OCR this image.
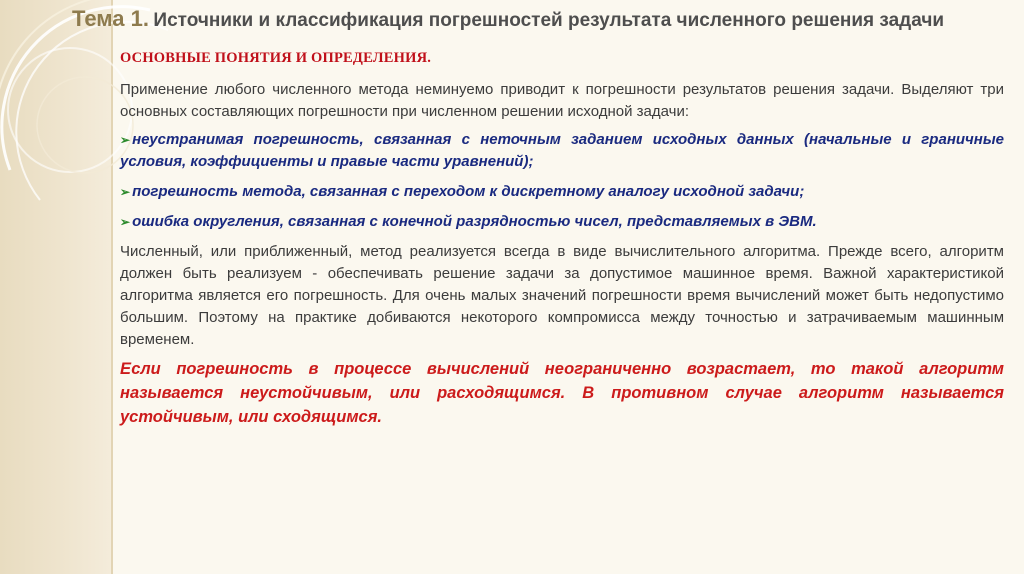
Тема 1. Источники и классификация погрешностей результата численного решения задачи

ОСНОВНЫЕ ПОНЯТИЯ И ОПРЕДЕЛЕНИЯ.

Применение любого численного метода неминуемо приводит к погрешности результатов решения задачи. Выделяют три основных составляющих погрешности при численном решении исходной задачи:

➢ неустранимая погрешность, связанная с неточным заданием исходных данных (начальные и граничные условия, коэффициенты и правые части уравнений);

➢ погрешность метода, связанная с переходом к дискретному аналогу исходной задачи;

➢ ошибка округления, связанная с конечной разрядностью чисел, представляемых в ЭВМ.

Численный, или приближенный, метод реализуется всегда в виде вычислительного алгоритма. Прежде всего, алгоритм должен быть реализуем - обеспечивать решение задачи за допустимое машинное время. Важной характеристикой алгоритма является его погрешность. Для очень малых значений погрешности время вычислений может быть недопустимо большим. Поэтому на практике добиваются некоторого компромисса между точностью и затрачиваемым машинным временем.

Если погрешность в процессе вычислений неограниченно возрастает, то такой алгоритм называется неустойчивым, или расходящимся. В противном случае алгоритм называется устойчивым, или сходящимся.
